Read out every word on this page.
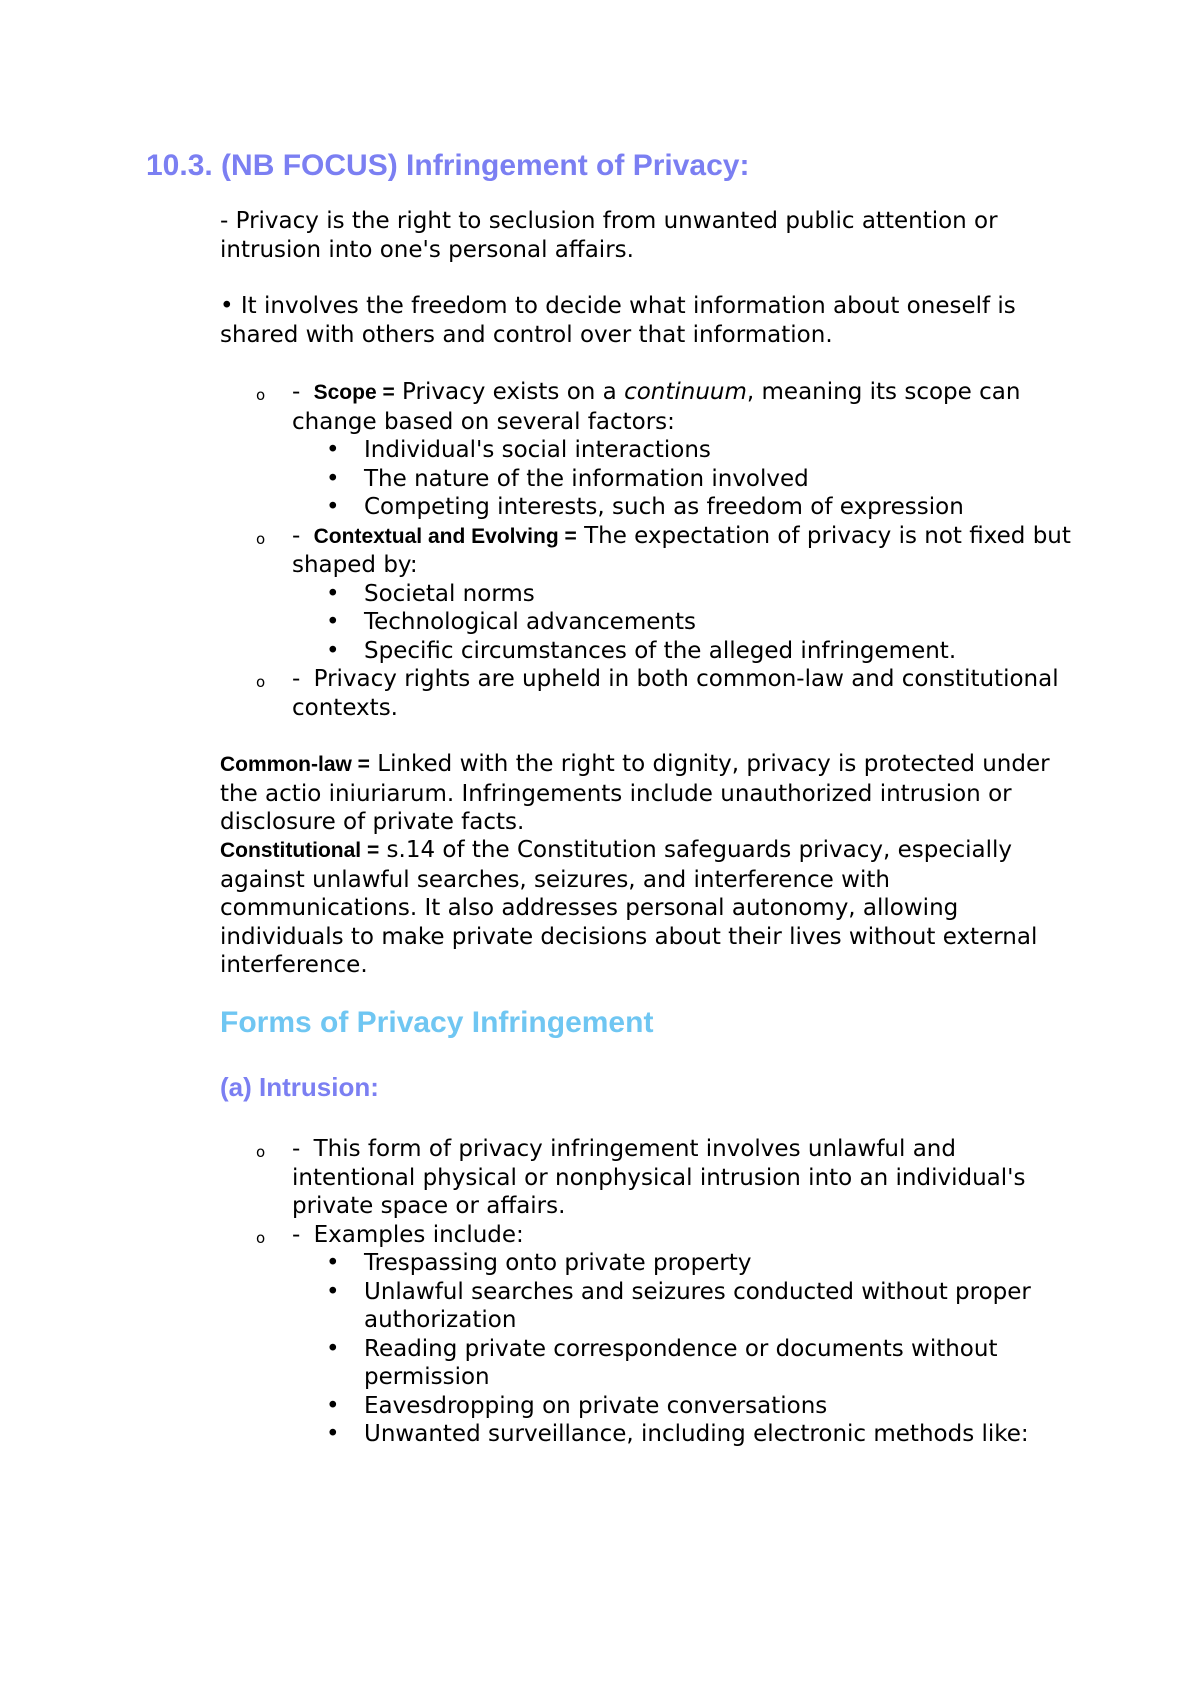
10.3. (NB FOCUS) Infringement of Privacy:

- Privacy is the right to seclusion from unwanted public attention or intrusion into one's personal affairs.

• It involves the freedom to decide what information about oneself is shared with others and control over that information.

o - Scope = Privacy exists on a continuum, meaning its scope can change based on several factors:
• Individual's social interactions
• The nature of the information involved
• Competing interests, such as freedom of expression
o - Contextual and Evolving = The expectation of privacy is not fixed but shaped by:
• Societal norms
• Technological advancements
• Specific circumstances of the alleged infringement.
o - Privacy rights are upheld in both common-law and constitutional contexts.

Common-law = Linked with the right to dignity, privacy is protected under the actio iniuriarum. Infringements include unauthorized intrusion or disclosure of private facts.

Constitutional = s.14 of the Constitution safeguards privacy, especially against unlawful searches, seizures, and interference with communications. It also addresses personal autonomy, allowing individuals to make private decisions about their lives without external interference.

Forms of Privacy Infringement
(a) Intrusion:
o - This form of privacy infringement involves unlawful and intentional physical or nonphysical intrusion into an individual's private space or affairs.
o - Examples include:
• Trespassing onto private property
• Unlawful searches and seizures conducted without proper authorization
• Reading private correspondence or documents without permission
• Eavesdropping on private conversations
• Unwanted surveillance, including electronic methods like:
